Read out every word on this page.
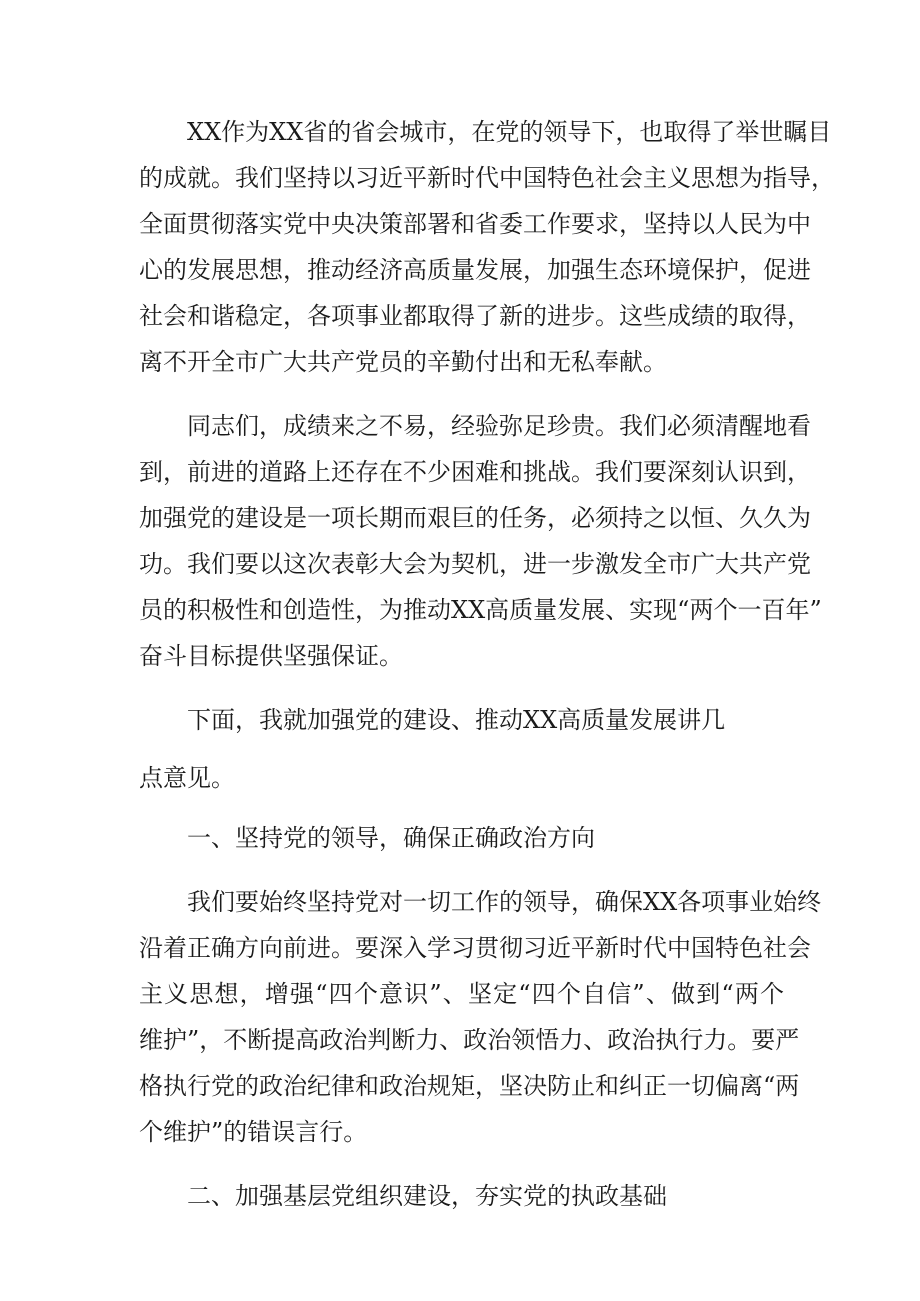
XX作为XX省的省会城市，在党的领导下，也取得了举世瞩目
的成就。我们坚持以习近平新时代中国特色社会主义思想为指导，
全面贯彻落实党中央决策部署和省委工作要求，坚持以人民为中
心的发展思想，推动经济高质量发展，加强生态环境保护，促进
社会和谐稳定，各项事业都取得了新的进步。这些成绩的取得，
离不开全市广大共产党员的辛勤付出和无私奉献。
同志们，成绩来之不易，经验弥足珍贵。我们必须清醒地看
到，前进的道路上还存在不少困难和挑战。我们要深刻认识到，
加强党的建设是一项长期而艰巨的任务，必须持之以恒、久久为
功。我们要以这次表彰大会为契机，进一步激发全市广大共产党
员的积极性和创造性，为推动XX高质量发展、实现“两个一百年”
奋斗目标提供坚强保证。
下面，我就加强党的建设、推动XX高质量发展讲几
点意见。
一、坚持党的领导，确保正确政治方向
我们要始终坚持党对一切工作的领导，确保XX各项事业始终
沿着正确方向前进。要深入学习贯彻习近平新时代中国特色社会
主义思想，增强“四个意识”、坚定“四个自信”、做到“两个
维护”，不断提高政治判断力、政治领悟力、政治执行力。要严
格执行党的政治纪律和政治规矩，坚决防止和纠正一切偏离“两
个维护”的错误言行。
二、加强基层党组织建设，夯实党的执政基础
